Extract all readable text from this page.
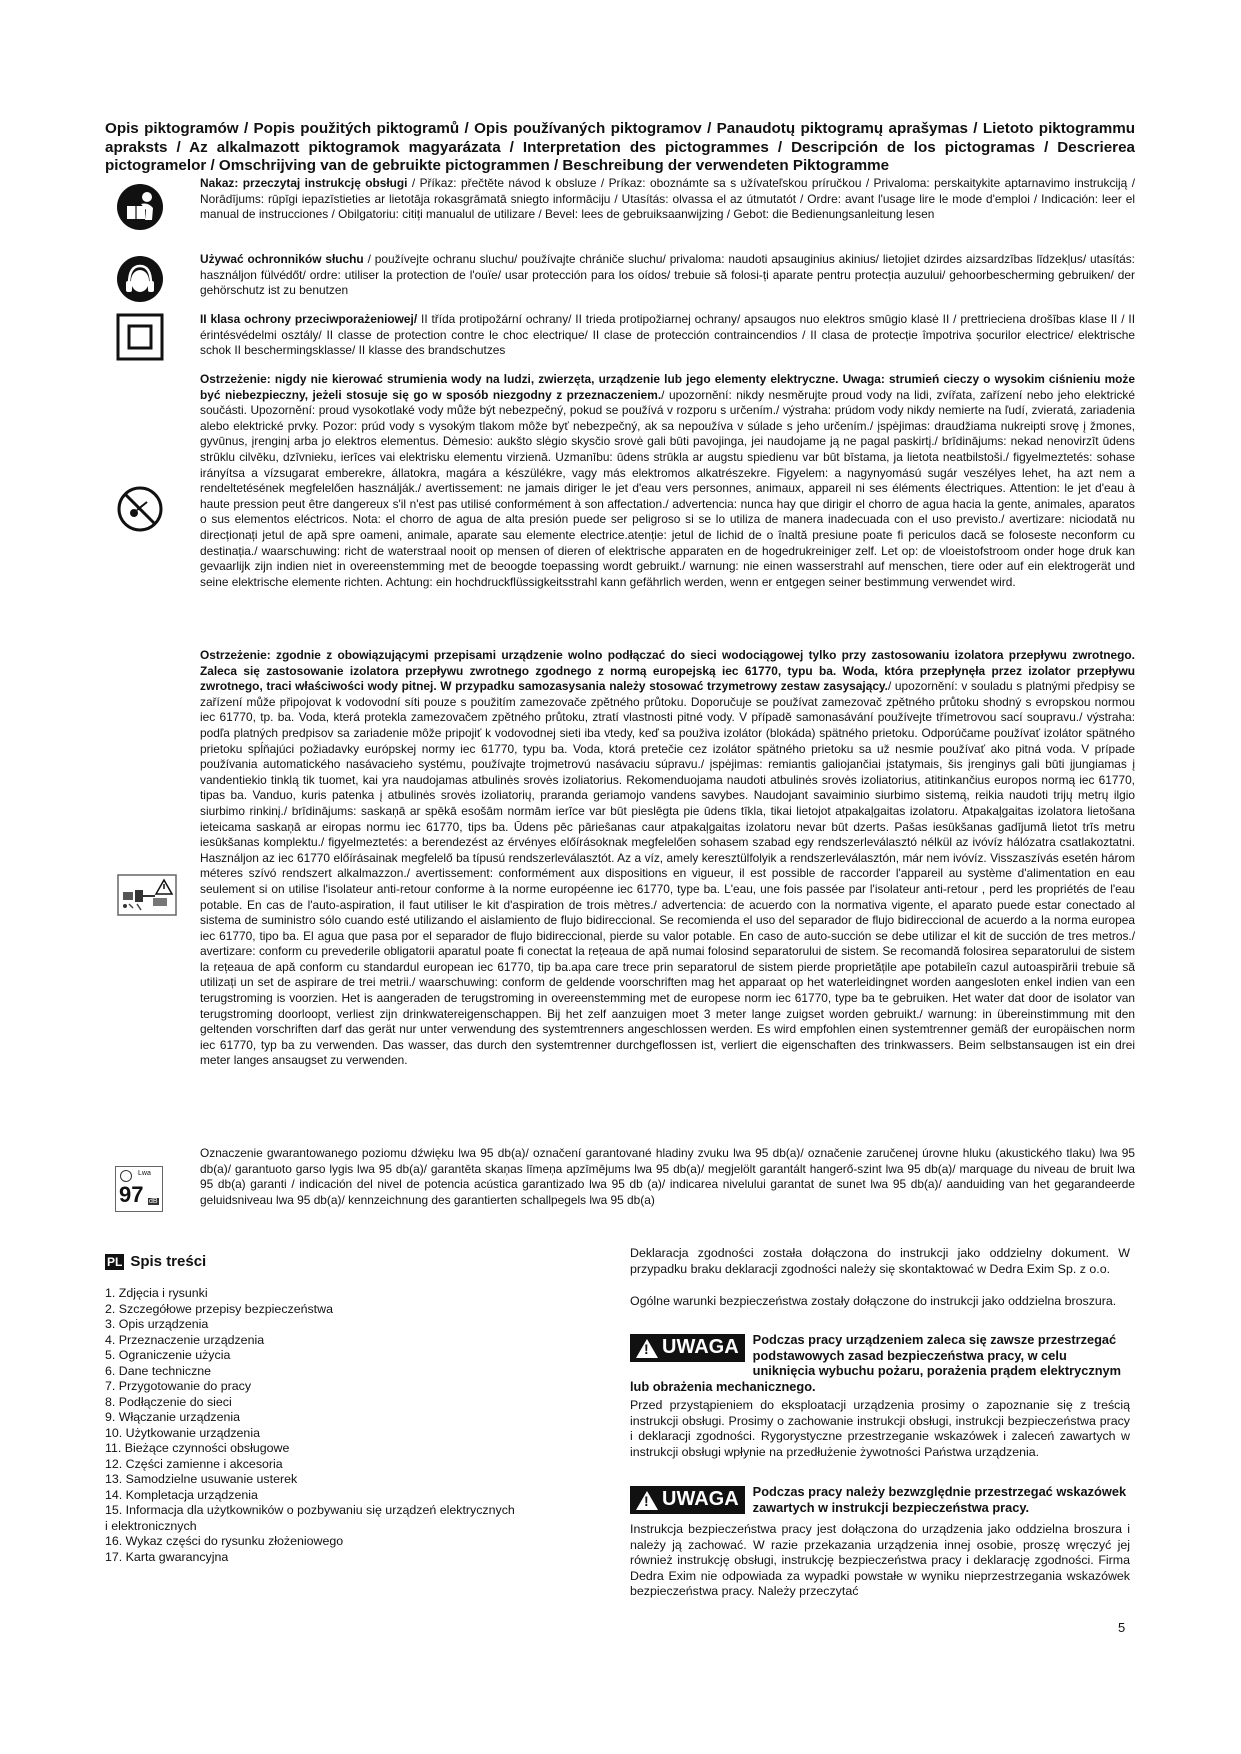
Opis piktogramów / Popis použitých piktogramů / Opis používaných piktogramov / Panaudotų piktogramų aprašymas / Lietoto piktogrammu apraksts / Az alkalmazott piktogramok magyarázata / Interpretation des pictogrammes / Descripción de los pictogramas / Descrierea pictogramelor / Omschrijving van de gebruikte pictogrammen / Beschreibung der verwendeten Piktogramme
Nakaz: przeczytaj instrukcję obsługi / Příkaz: přečtěte návod k obsluze / Príkaz: oboznámte sa s užívateľskou príručkou / Privaloma: perskaitykite aptarnavimo instrukciją / Norādījums: rūpīgi iepazīstieties ar lietotāja rokasgrāmatā sniegto informāciju / Utasítás: olvassa el az útmutatót / Ordre: avant l'usage lire le mode d'emploi / Indicación: leer el manual de instrucciones / Obilgatoriu: citiți manualul de utilizare / Bevel: lees de gebruiksaanwijzing / Gebot: die Bedienungsanleitung lesen
Używać ochronników słuchu / používejte ochranu sluchu/ používajte chrániče sluchu/ privaloma: naudoti apsauginius akinius/ lietojiet dzirdes aizsardzības līdzekļus/ utasítás: használjon fülvédőt/ ordre: utiliser la protection de l'ouïe/ usar protección para los oídos/ trebuie să folosi-ți aparate pentru protecția auzului/ gehoorbescherming gebruiken/ der gehörschutz ist zu benutzen
II klasa ochrony przeciwporażeniowej/ II třída protipožární ochrany/ II trieda protipožiarnej ochrany/ apsaugos nuo elektros smūgio klasė II / prettrieciena drošības klase II / II érintésvédelmi osztály/ II classe de protection contre le choc electrique/ II clase de protección contraincendios / II clasa de protecție împotriva șocurilor electrice/ elektrische schok II beschermingsklasse/ II klasse des brandschutzes
Ostrzeżenie: nigdy nie kierować strumienia wody na ludzi, zwierzęta, urządzenie lub jego elementy elektryczne. Uwaga: strumień cieczy o wysokim ciśnieniu może być niebezpieczny, jeżeli stosuje się go w sposób niezgodny z przeznaczeniem./ upozornění: nikdy nesměrujte proud vody na lidi, zvířata, zařízení nebo jeho elektrické součásti. Upozornění: proud vysokotlaké vody může být nebezpečný, pokud se používá v rozporu s určením./ výstraha: prúdom vody nikdy nemierte na ľudí, zvieratá, zariadenia alebo elektrické prvky. Pozor: prúd vody s vysokým tlakom môže byť nebezpečný, ak sa nepoužíva v súlade s jeho určením./ įspėjimas: draudžiama nukreipti srovę į žmones, gyvūnus, įrenginį arba jo elektros elementus. Dėmesio: aukšto slėgio skysčio srovė gali būti pavojinga, jei naudojame ją ne pagal paskirtį./ brīdinājums: nekad nenovirzīt ūdens strūklu cilvēku, dzīvnieku, ierīces vai elektrisku elementu virzienā. Uzmanību: ūdens strūkla ar augstu spiedienu var būt bīstama, ja lietota neatbilstoši./ figyelmeztetés: sohase irányítsa a vízsugarat emberekre, állatokra, magára a készülékre, vagy más elektromos alkatrészekre. Figyelem: a nagynyomású sugár veszélyes lehet, ha azt nem a rendeltetésének megfelelően használják./ avertissement: ne jamais diriger le jet d'eau vers personnes, animaux, appareil ni ses éléments électriques. Attention: le jet d'eau à haute pression peut être dangereux s'il n'est pas utilisé conformément à son affectation./ advertencia: nunca hay que dirigir el chorro de agua hacia la gente, animales, aparatos o sus elementos eléctricos. Nota: el chorro de agua de alta presión puede ser peligroso si se lo utiliza de manera inadecuada con el uso previsto./ avertizare: niciodată nu direcționați jetul de apă spre oameni, animale, aparate sau elemente electrice.atenție: jetul de lichid de o înaltă presiune poate fi periculos dacă se foloseste neconform cu destinația./ waarschuwing: richt de waterstraal nooit op mensen of dieren of elektrische apparaten en de hogedrukreiniger zelf. Let op: de vloeistofstroom onder hoge druk kan gevaarlijk zijn indien niet in overeenstemming met de beoogde toepassing wordt gebruikt./ warnung: nie einen wasserstrahl auf menschen, tiere oder auf ein elektrogerät und seine elektrische elemente richten. Achtung: ein hochdruckflüssigkeitsstrahl kann gefährlich werden, wenn er entgegen seiner bestimmung verwendet wird.
Ostrzeżenie: zgodnie z obowiązującymi przepisami urządzenie wolno podłączać do sieci wodociągowej tylko przy zastosowaniu izolatora przepływu zwrotnego. Zaleca się zastosowanie izolatora przepływu zwrotnego zgodnego z normą europejską iec 61770, typu ba. Woda, która przepłynęła przez izolator przepływu zwrotnego, traci właściwości wody pitnej. W przypadku samozasysania należy stosować trzymetrowy zestaw zasysający./ upozornění: v souladu s platnými předpisy se zařízení může připojovat k vodovodní síti pouze s použitím zamezovače zpětného průtoku. Doporučuje se používat zamezovač zpětného průtoku shodný s evropskou normou iec 61770, tp. ba. Voda, která protekla zamezovačem zpětného průtoku, ztratí vlastnosti pitné vody. V případě samonasávání používejte třímetrovou sací soupravu./ výstraha: podľa platných predpisov sa zariadenie môže pripojiť k vodovodnej sieti iba vtedy, keď sa použiva izolátor (blokáda) spätného prietoku. Odporúčame používať izolátor spätného prietoku spĺňajúci požiadavky európskej normy iec 61770, typu ba. Voda, ktorá pretečie cez izolátor spätného prietoku sa už nesmie používať ako pitná voda. V prípade používania automatického nasávacieho systému, používajte trojmetrovú nasávaciu súpravu./ įspėjimas: remiantis galiojančiai įstatymais, šis įrenginys gali būti įjungiamas į vandentiekio tinklą tik tuomet, kai yra naudojamas atbulinės srovės izoliatorius. Rekomenduojama naudoti atbulinės srovės izoliatorius, atitinkančius europos normą iec 61770, tipas ba. Vanduo, kuris patenka į atbulinės srovės izoliatorių, praranda geriamojo vandens savybes. Naudojant savaiminio siurbimo sistemą, reikia naudoti trijų metrų ilgio siurbimo rinkinį./ brīdinājums: saskaņā ar spēkā esošām normām ierīce var būt pieslēgta pie ūdens tīkla, tikai lietojot atpakaļgaitas izolatoru. Atpakaļgaitas izolatora lietošana ieteicama saskaņā ar eiropas normu iec 61770, tips ba. Ūdens pēc pārieŝanas caur atpakaļgaitas izolatoru nevar būt dzerts. Pašas iesūkšanas gadījumā lietot trīs metru iesūkšanas komplektu./ figyelmeztetés: a berendezést az érvényes előírásoknak megfelelően sohasem szabad egy rendszerleválasztó nélkül az ivóvíz hálózatra csatlakoztatni. Használjon az iec 61770 előírásainak megfelelő ba típusú rendszerleválasztót. Az a víz, amely keresztülfolyik a rendszerleválasztón, már nem ivóvíz. Visszaszívás esetén három méteres szívó rendszert alkalmazzon./ avertissement: conformément aux dispositions en vigueur, il est possible de raccorder l'appareil au système d'alimentation en eau seulement si on utilise l'isolateur anti-retour conforme à la norme européenne iec 61770, type ba. L'eau, une fois passée par l'isolateur anti-retour , perd les propriétés de l'eau potable. En cas de l'auto-aspiration, il faut utiliser le kit d'aspiration de trois mètres./ advertencia: de acuerdo con la normativa vigente, el aparato puede estar conectado al sistema de suministro sólo cuando esté utilizando el aislamiento de flujo bidireccional. Se recomienda el uso del separador de flujo bidireccional de acuerdo a la norma europea iec 61770, tipo ba. El agua que pasa por el separador de flujo bidireccional, pierde su valor potable. En caso de auto-succión se debe utilizar el kit de succión de tres metros./ avertizare: conform cu prevederile obligatorii aparatul poate fi conectat la rețeaua de apă numai folosind separatorului de sistem. Se recomandă folosirea separatorului de sistem la rețeaua de apă conform cu standardul european iec 61770, tip ba.apa care trece prin separatorul de sistem pierde proprietățile ape potabileîn cazul autoaspirării trebuie să utilizați un set de aspirare de trei metrii./ waarschuwing: conform de geldende voorschriften mag het apparaat op het waterleidingnet worden aangesloten enkel indien van een terugstroming is voorzien. Het is aangeraden de terugstroming in overeenstemming met de europese norm iec 61770, type ba te gebruiken. Het water dat door de isolator van terugstroming doorloopt, verliest zijn drinkwatereigenschappen. Bij het zelf aanzuigen moet 3 meter lange zuigset worden gebruikt./ warnung: in übereinstimmung mit den geltenden vorschriften darf das gerät nur unter verwendung des systemtrenners angeschlossen werden. Es wird empfohlen einen systemtrenner gemäß der europäischen norm iec 61770, typ ba zu verwenden. Das wasser, das durch den systemtrenner durchgeflossen ist, verliert die eigenschaften des trinkwassers. Beim selbstansaugen ist ein drei meter langes ansaugset zu verwenden.
Lwa
97 dB
Oznaczenie gwarantowanego poziomu dźwięku lwa 95 db(a)/ označení garantované hladiny zvuku lwa 95 db(a)/ označenie zaručenej úrovne hluku (akustického tlaku) lwa 95 db(a)/ garantuoto garso lygis lwa 95 db(a)/ garantēta skaņas līmeņa apzīmējums lwa 95 db(a)/ megjelölt garantált hangerő-szint lwa 95 db(a)/ marquage du niveau de bruit lwa 95 db(a) garanti / indicación del nivel de potencia acústica garantizado lwa 95 db (a)/ indicarea nivelului garantat de sunet lwa 95 db(a)/ aanduiding van het gegarandeerde geluidsniveau lwa 95 db(a)/ kennzeichnung des garantierten schallpegels lwa 95 db(a)
PL Spis treści
1. Zdjęcia i rysunki
2. Szczegółowe przepisy bezpieczeństwa
3. Opis urządzenia
4. Przeznaczenie urządzenia
5. Ograniczenie użycia
6. Dane techniczne
7. Przygotowanie do pracy
8. Podłączenie do sieci
9. Włączanie urządzenia
10. Użytkowanie urządzenia
11. Bieżące czynności obsługowe
12. Części zamienne i akcesoria
13. Samodzielne usuwanie usterek
14. Kompletacja urządzenia
15. Informacja dla użytkowników o pozbywaniu się urządzeń elektrycznych
i elektronicznych
16. Wykaz części do rysunku złożeniowego
17. Karta gwarancyjna
Deklaracja zgodności została dołączona do instrukcji jako oddzielny dokument. W przypadku braku deklaracji zgodności należy się skontaktować w Dedra Exim Sp. z o.o.
Ogólne warunki bezpieczeństwa zostały dołączone do instrukcji jako oddzielna broszura.
! UWAGA Podczas pracy urządzeniem zaleca się zawsze przestrzegać podstawowych zasad bezpieczeństwa pracy, w celu uniknięcia wybuchu pożaru, porażenia prądem elektrycznym lub obrażenia mechanicznego.
Przed przystąpieniem do eksploatacji urządzenia prosimy o zapoznanie się z treścią instrukcji obsługi. Prosimy o zachowanie instrukcji obsługi, instrukcji bezpieczeństwa pracy i deklaracji zgodności. Rygorystyczne przestrzeganie wskazówek i zaleceń zawartych w instrukcji obsługi wpłynie na przedłużenie żywotności Państwa urządzenia.
! UWAGA Podczas pracy należy bezwzględnie przestrzegać wskazówek zawartych w instrukcji bezpieczeństwa pracy.
Instrukcja bezpieczeństwa pracy jest dołączona do urządzenia jako oddzielna broszura i należy ją zachować. W razie przekazania urządzenia innej osobie, proszę wręczyć jej również instrukcję obsługi, instrukcję bezpieczeństwa pracy i deklarację zgodności. Firma Dedra Exim nie odpowiada za wypadki powstałe w wyniku nieprzestrzegania wskazówek bezpieczeństwa pracy. Należy przeczytać
5
